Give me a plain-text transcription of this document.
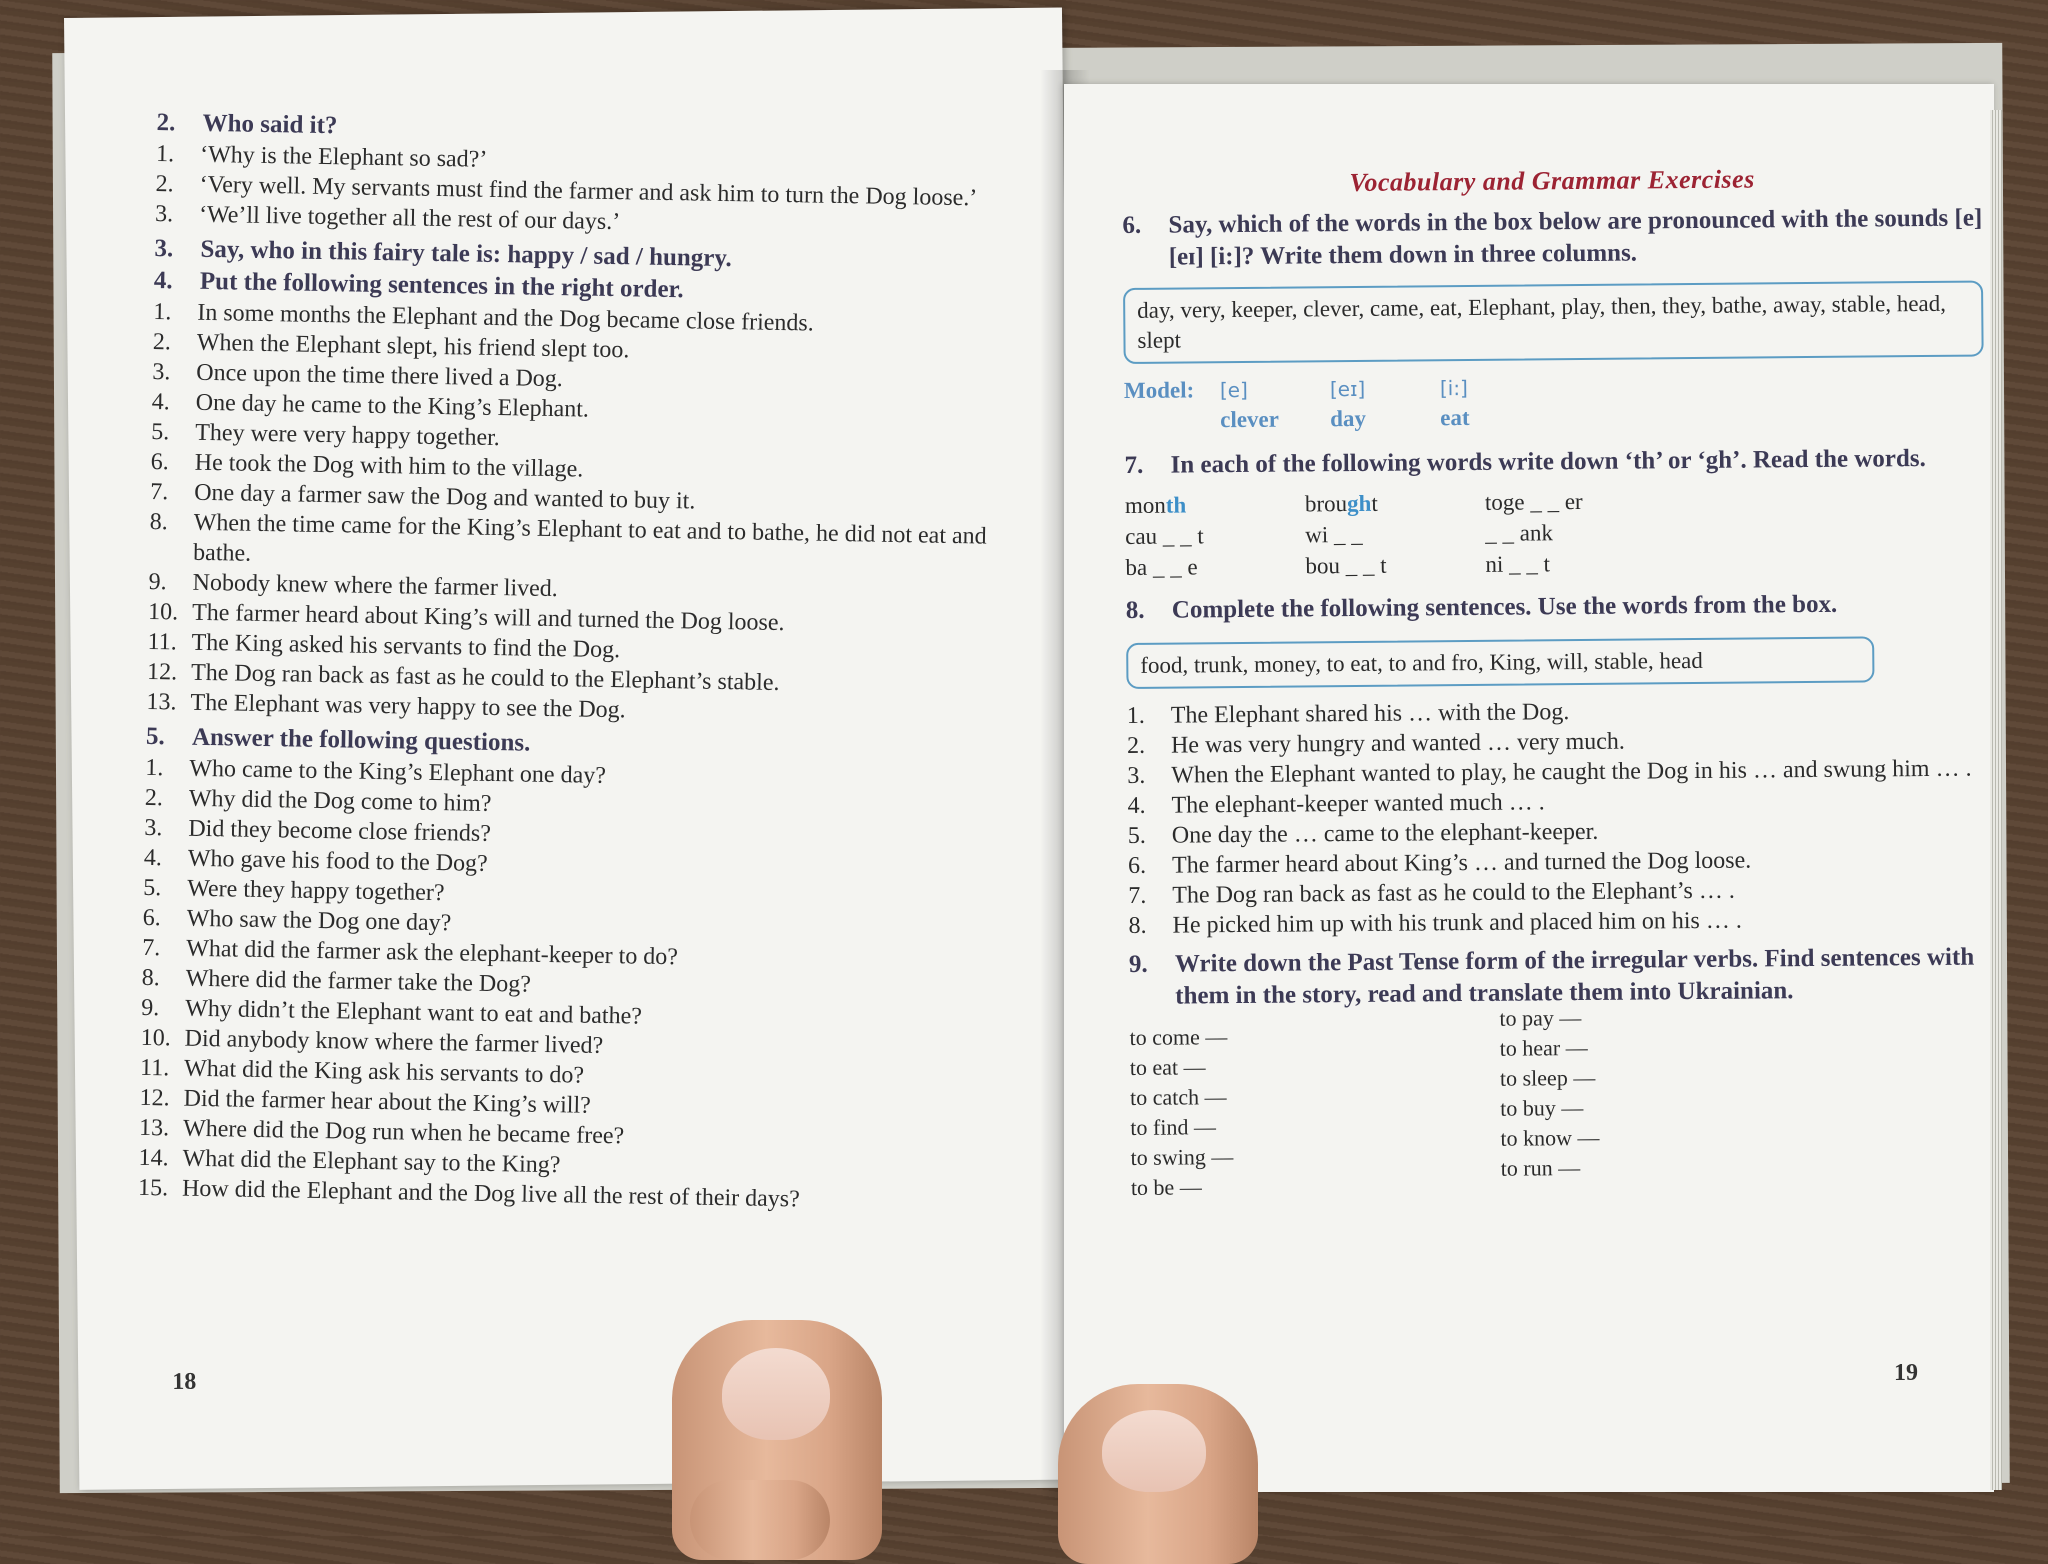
2.	Who said it?
1.	‘Why is the Elephant so sad?’
2.	‘Very well. My servants must find the farmer and ask him to turn the Dog loose.’
3.	‘We’ll live together all the rest of our days.’
3.	Say, who in this fairy tale is: happy / sad / hungry.
4.	Put the following sentences in the right order.
1.	In some months the Elephant and the Dog became close friends.
2.	When the Elephant slept, his friend slept too.
3.	Once upon the time there lived a Dog.
4.	One day he came to the King’s Elephant.
5.	They were very happy together.
6.	He took the Dog with him to the village.
7.	One day a farmer saw the Dog and wanted to buy it.
8.	When the time came for the King’s Elephant to eat and to bathe, he did not eat and bathe.
9.	Nobody knew where the farmer lived.
10. The farmer heard about King’s will and turned the Dog loose.
11. The King asked his servants to find the Dog.
12. The Dog ran back as fast as he could to the Elephant’s stable.
13. The Elephant was very happy to see the Dog.
5.	Answer the following questions.
1.	Who came to the King’s Elephant one day?
2.	Why did the Dog come to him?
3.	Did they become close friends?
4.	Who gave his food to the Dog?
5.	Were they happy together?
6.	Who saw the Dog one day?
7.	What did the farmer ask the elephant-keeper to do?
8.	Where did the farmer take the Dog?
9.	Why didn’t the Elephant want to eat and bathe?
10. Did anybody know where the farmer lived?
11. What did the King ask his servants to do?
12. Did the farmer hear about the King’s will?
13. Where did the Dog run when he became free?
14. What did the Elephant say to the King?
15. How did the Elephant and the Dog live all the rest of their days?
18
Vocabulary and Grammar Exercises
6.	Say, which of the words in the box below are pronounced with the sounds [e] [eɪ] [i:]? Write them down in three columns.
day, very, keeper, clever, came, eat, Elephant, play, then, they, bathe, away, stable, head, slept
Model:	[e]	[eɪ]	[i:]
clever	day	eat
7.	In each of the following words write down ‘th’ or ‘gh’. Read the words.
month	brought	toge _ _ er
cau _ _ t	wi _ _	_ _ ank
ba _ _ e	bou _ _ t	ni _ _ t
8.	Complete the following sentences. Use the words from the box.
food, trunk, money, to eat, to and fro, King, will, stable, head
1.	The Elephant shared his … with the Dog.
2.	He was very hungry and wanted … very much.
3.	When the Elephant wanted to play, he caught the Dog in his … and swung him … .
4.	The elephant-keeper wanted much … .
5.	One day the … came to the elephant-keeper.
6.	The farmer heard about King’s … and turned the Dog loose.
7.	The Dog ran back as fast as he could to the Elephant’s … .
8.	He picked him up with his trunk and placed him on his … .
9.	Write down the Past Tense form of the irregular verbs. Find sentences with them in the story, read and translate them into Ukrainian.
to come —
to eat —
to catch —
to find —
to swing —
to be —
to pay —
to hear —
to sleep —
to buy —
to know —
to run —
19
